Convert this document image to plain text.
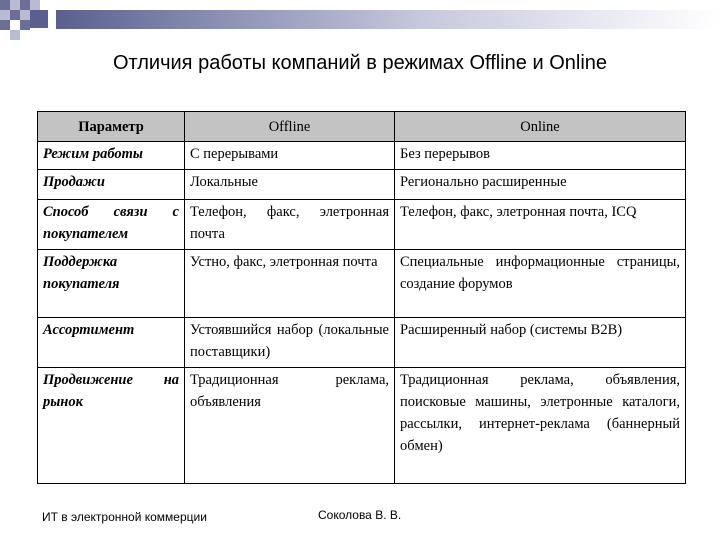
Отличия работы компаний в режимах Offline и Online
Параметр	Offline	Online
Режим работы	С перерывами	Без перерывов
Продажи	Локальные	Регионально расширенные
Способ связи с покупателем	Телефон, факс, элетронная почта	Телефон, факс, элетронная почта, ICQ
Поддержка покупателя	Устно, факс, элетронная почта	Специальные информационные страницы, создание форумов
Ассортимент	Устоявшийся набор (локальные поставщики)	Расширенный набор (системы B2B)
Продвижение на рынок	Традиционная реклама, объявления	Традиционная реклама, объявления, поисковые машины, элетронные каталоги, рассылки, интернет-реклама (баннерный обмен)
ИТ в электронной коммерции	Соколова В. В.
